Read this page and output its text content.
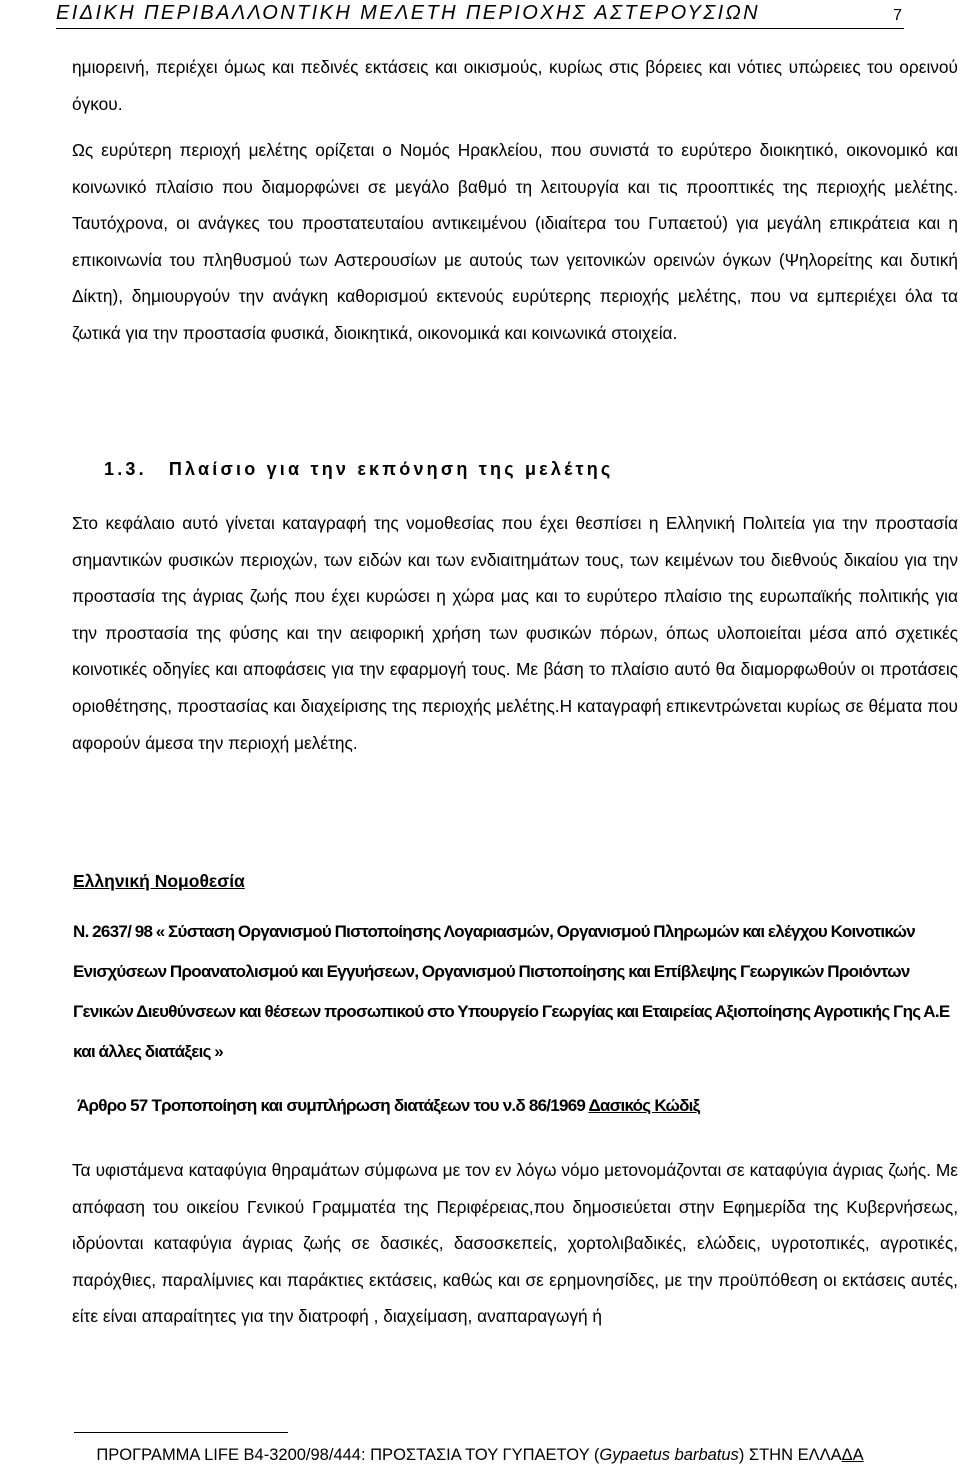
ΕΙΔΙΚΗ ΠΕΡΙΒΑΛΛΟΝΤΙΚΗ ΜΕΛΕΤΗ ΠΕΡΙΟΧΗΣ ΑΣΤΕΡΟΥΣΙΩΝ	7

ημιορεινή, περιέχει όμως και πεδινές εκτάσεις και οικισμούς, κυρίως στις βόρειες και νότιες υπώρειες του ορεινού όγκου.

Ως ευρύτερη περιοχή μελέτης ορίζεται ο Νομός Ηρακλείου, που συνιστά το ευρύτερο διοικητικό, οικονομικό και κοινωνικό πλαίσιο που διαμορφώνει σε μεγάλο βαθμό τη λειτουργία και τις προοπτικές της περιοχής μελέτης. Ταυτόχρονα, οι ανάγκες του προστατευταίου αντικειμένου (ιδιαίτερα του Γυπαετού) για μεγάλη επικράτεια και η επικοινωνία του πληθυσμού των Αστερουσίων με αυτούς των γειτονικών ορεινών όγκων (Ψηλορείτης και δυτική Δίκτη), δημιουργούν την ανάγκη καθορισμού εκτενούς ευρύτερης περιοχής μελέτης, που να εμπεριέχει όλα τα ζωτικά για την προστασία φυσικά, διοικητικά, οικονομικά και κοινωνικά στοιχεία.

1.3. Πλαίσιο για την εκπόνηση της μελέτης

Στο κεφάλαιο αυτό γίνεται καταγραφή της νομοθεσίας που έχει θεσπίσει η Ελληνική Πολιτεία για την προστασία σημαντικών φυσικών περιοχών, των ειδών και των ενδιαιτημάτων τους, των κειμένων του διεθνούς δικαίου για την προστασία της άγριας ζωής που έχει κυρώσει η χώρα μας και το ευρύτερο πλαίσιο της ευρωπαϊκής πολιτικής για την προστασία της φύσης και την αειφορική χρήση των φυσικών πόρων, όπως υλοποιείται μέσα από σχετικές κοινοτικές οδηγίες και αποφάσεις για την εφαρμογή τους. Με βάση το πλαίσιο αυτό θα διαμορφωθούν οι προτάσεις οριοθέτησης, προστασίας και διαχείρισης της περιοχής μελέτης.Η καταγραφή επικεντρώνεται κυρίως σε θέματα που αφορούν άμεσα την περιοχή μελέτης.

Ελληνική Νομοθεσία

Ν. 2637/ 98 « Σύσταση Οργανισμού Πιστοποίησης Λογαριασμών, Οργανισμού Πληρωμών και ελέγχου Κοινοτικών Ενισχύσεων Προανατολισμού και Εγγυήσεων, Οργανισμού Πιστοποίησης και Επίβλεψης Γεωργικών Προιόντων Γενικών Διευθύνσεων και θέσεων προσωπικού στο Υπουργείο Γεωργίας και Εταιρείας Αξιοποίησης Αγροτικής Γης Α.Ε και άλλες διατάξεις »

Άρθρο 57 Τροποποίηση και συμπλήρωση διατάξεων του ν.δ 86/1969 Δασικός Κώδιξ

Τα υφιστάμενα καταφύγια θηραμάτων σύμφωνα με τον εν λόγω νόμο μετονομάζονται σε καταφύγια άγριας ζωής. Με απόφαση του οικείου Γενικού Γραμματέα της Περιφέρειας,που δημοσιεύεται στην Εφημερίδα της Κυβερνήσεως, ιδρύονται καταφύγια άγριας ζωής σε δασικές, δασοσκεπείς, χορτολιβαδικές, ελώδεις, υγροτοπικές, αγροτικές, παρόχθιες, παραλίμνιες και παράκτιες εκτάσεις, καθώς και σε ερημονησίδες, με την προϋπόθεση οι εκτάσεις αυτές, είτε είναι απαραίτητες για την διατροφή , διαχείμαση, αναπαραγωγή ή

ΠΡΟΓΡΑΜΜΑ LIFE B4-3200/98/444: ΠΡΟΣΤΑΣΙΑ ΤΟΥ ΓΥΠΑΕΤΟΥ (Gypaetus barbatus) ΣΤΗΝ ΕΛΛΑΔΑ
